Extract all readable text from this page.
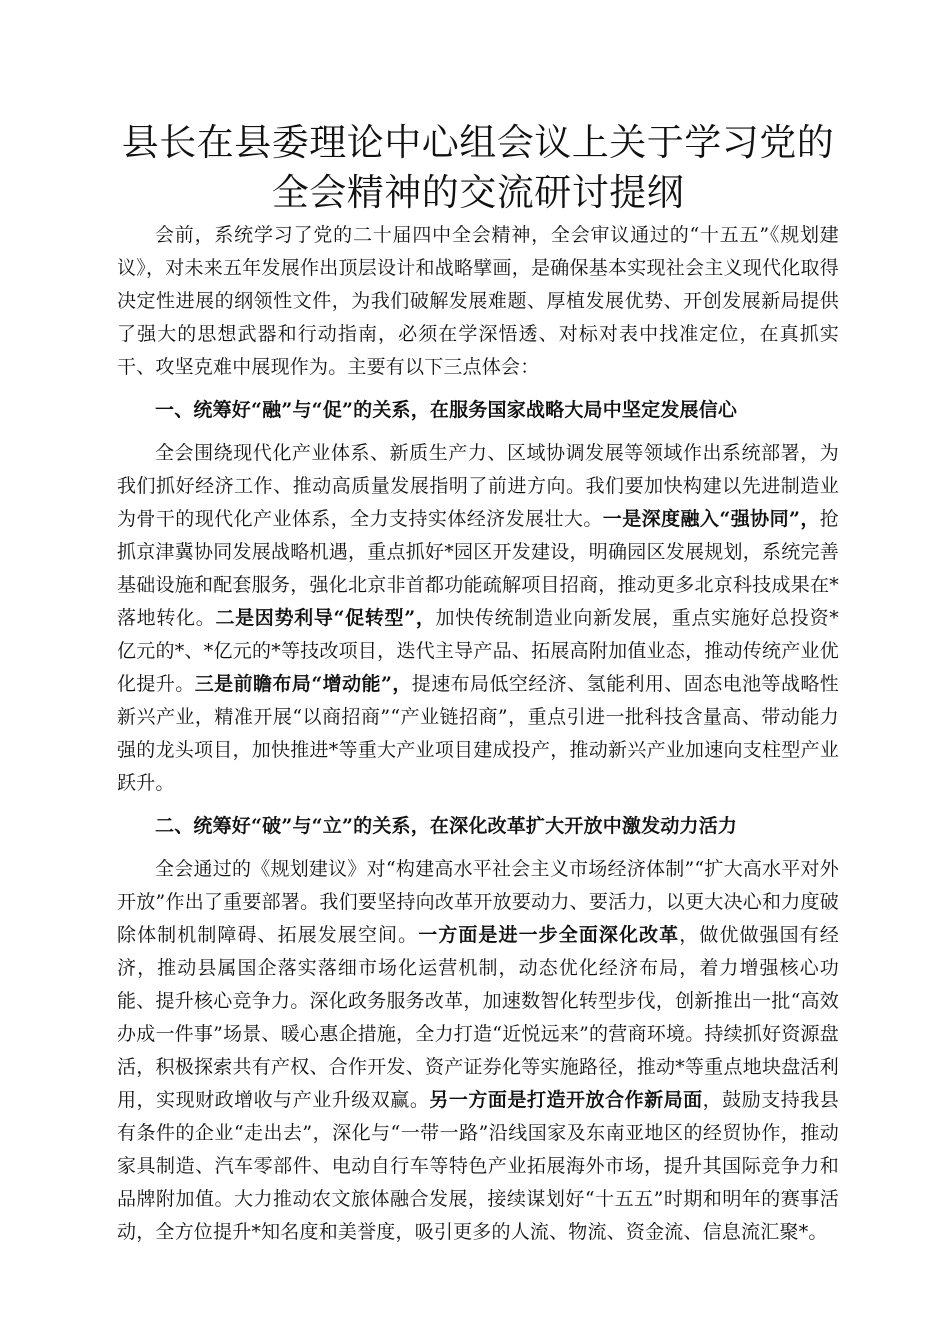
县长在县委理论中心组会议上关于学习党的全会精神的交流研讨提纲

会前，系统学习了党的二十届四中全会精神，全会审议通过的“十五五”《规划建议》，对未来五年发展作出顶层设计和战略擘画，是确保基本实现社会主义现代化取得决定性进展的纲领性文件，为我们破解发展难题、厚植发展优势、开创发展新局提供了强大的思想武器和行动指南，必须在学深悟透、对标对表中找准定位，在真抓实干、攻坚克难中展现作为。主要有以下三点体会：

一、统筹好“融”与“促”的关系，在服务国家战略大局中坚定发展信心

全会围绕现代化产业体系、新质生产力、区域协调发展等领域作出系统部署，为我们抓好经济工作、推动高质量发展指明了前进方向。我们要加快构建以先进制造业为骨干的现代化产业体系，全力支持实体经济发展壮大。一是深度融入“强协同”，抢抓京津冀协同发展战略机遇，重点抓好*园区开发建设，明确园区发展规划，系统完善基础设施和配套服务，强化北京非首都功能疏解项目招商，推动更多北京科技成果在*落地转化。二是因势利导“促转型”，加快传统制造业向新发展，重点实施好总投资*亿元的*、*亿元的*等技改项目，迭代主导产品、拓展高附加值业态，推动传统产业优化提升。三是前瞻布局“增动能”，提速布局低空经济、氢能利用、固态电池等战略性新兴产业，精准开展“以商招商”“产业链招商”，重点引进一批科技含量高、带动能力强的龙头项目，加快推进*等重大产业项目建成投产，推动新兴产业加速向支柱型产业跃升。

二、统筹好“破”与“立”的关系，在深化改革扩大开放中激发动力活力

全会通过的《规划建议》对“构建高水平社会主义市场经济体制”“扩大高水平对外开放”作出了重要部署。我们要坚持向改革开放要动力、要活力，以更大决心和力度破除体制机制障碍、拓展发展空间。一方面是进一步全面深化改革，做优做强国有经济，推动县属国企落实落细市场化运营机制，动态优化经济布局，着力增强核心功能、提升核心竞争力。深化政务服务改革，加速数智化转型步伐，创新推出一批“高效办成一件事”场景、暖心惠企措施，全力打造“近悦远来”的营商环境。持续抓好资源盘活，积极探索共有产权、合作开发、资产证券化等实施路径，推动*等重点地块盘活利用，实现财政增收与产业升级双赢。另一方面是打造开放合作新局面，鼓励支持我县有条件的企业“走出去”，深化与“一带一路”沿线国家及东南亚地区的经贸协作，推动家具制造、汽车零部件、电动自行车等特色产业拓展海外市场，提升其国际竞争力和品牌附加值。大力推动农文旅体融合发展，接续谋划好“十五五”时期和明年的赛事活动，全方位提升*知名度和美誉度，吸引更多的人流、物流、资金流、信息流汇聚*。
